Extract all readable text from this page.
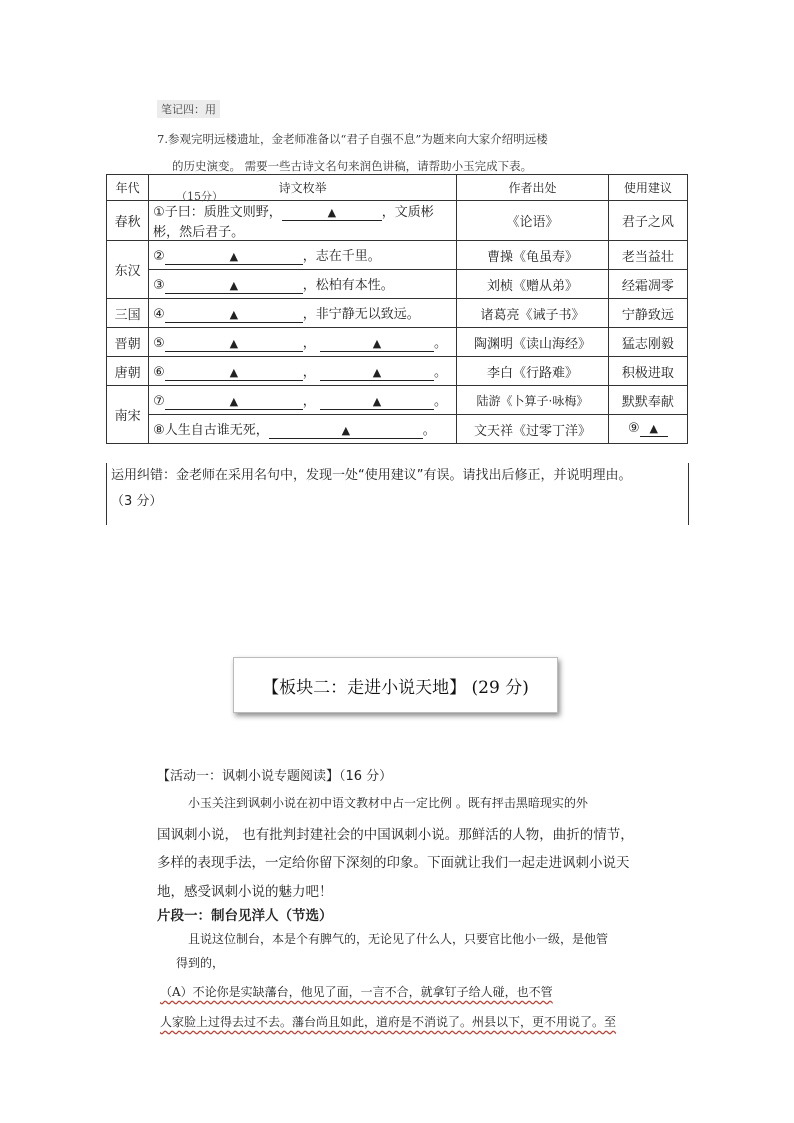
笔记四：用
7.参观完明远楼遗址，金老师准备以“君子自强不息”为题来向大家介绍明远楼
的历史演变。 需要一些古诗文名句来润色讲稿，请帮助小玉完成下表。
年代	诗文枚举	作者出处	使用建议
春秋	①子曰：质胜文则野， ▲ ，文质彬
彬，然后君子。	《论语》	君子之风
东汉	② ▲ ，志在千里。	曹操《龟虽寿》	老当益壮
	③ ▲ ，松柏有本性。	刘桢《赠从弟》	经霜凋零
三国	④ ▲ ，非宁静无以致远。	诸葛亮《诫子书》	宁静致远
晋朝	⑤ ▲ ， ▲ 。	陶渊明《读山海经》	猛志刚毅
唐朝	⑥ ▲ ， ▲ 。	李白《行路难》	积极进取
南宋	⑦ ▲ ， ▲ 。	陆游《卜算子·咏梅》	默默奉献
	⑧人生自古谁无死， ▲ 。	文天祥《过零丁洋》	⑨ ▲
（15分）
运用纠错：金老师在采用名句中，发现一处“使用建议”有误。请找出后修正，并说明理由。
（3 分）
【板块二：走进小说天地】 (29 分)
【活动一：讽刺小说专题阅读】（16 分）
小玉关注到讽刺小说在初中语文教材中占一定比例 。既有抨击黑暗现实的外
国讽刺小说， 也有批判封建社会的中国讽刺小说。那鲜活的人物，曲折的情节，
多样的表现手法，一定给你留下深刻的印象。下面就让我们一起走进讽刺小说天
地，感受讽刺小说的魅力吧！
片段一：制台见洋人（节选）
且说这位制台，本是个有脾气的，无论见了什么人，只要官比他小一级，是他管
得到的，
（A）不论你是实缺藩台，他见了面，一言不合，就拿钉子给人碰，也不管
人家脸上过得去过不去。藩台尚且如此，道府是不消说了。州县以下，更不用说了。至
